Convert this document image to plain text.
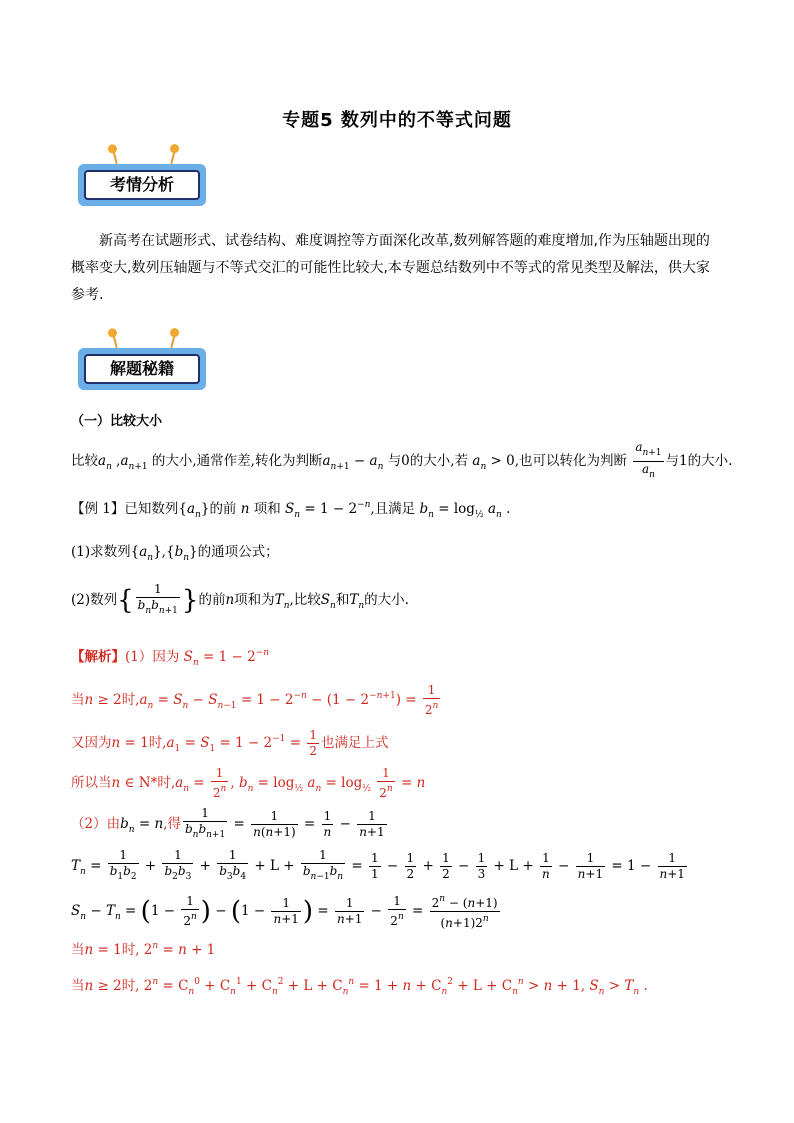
专题5 数列中的不等式问题
考情分析
新高考在试题形式、试卷结构、难度调控等方面深化改革,数列解答题的难度增加,作为压轴题出现的概率变大,数列压轴题与不等式交汇的可能性比较大,本专题总结数列中不等式的常见类型及解法，供大家参考.
解题秘籍
（一）比较大小
比较$a_n$ $,a_{n+1}$ 的大小,通常作差,转化为判断$a_{n+1} - a_n$ 与0的大小,若 $a_n > 0$,也可以转化为判断 $\frac{a_{n+1}}{a_n}$ 与1的大小.
【例 1】已知数列$\{a_n\}$的前 n 项和 $S_n = 1 - 2^{-n}$,且满足 $b_n = \log_{\frac{1}{2}} a_n$ .
(1)求数列$\{a_n\},\{b_n\}$的通项公式；
(2)数列{ $\frac{1}{b_nb_{n+1}}$ }的前n项和为$T_n$,比较$S_n$和$T_n$的大小.
【解析】(1）因为 $S_n = 1 - 2^{-n}$
当n ≥ 2时$,a_n = S_n - S_{n-1} = 1 - 2^{-n} - (1 - 2^{-n+1}) = \frac{1}{2^n}$
又因为n = 1时$,a_1 = S_1 = 1 - 2^{-1} = \frac{1}{2}$ 也满足上式
所以当n ∈ N*时$,a_n = \frac{1}{2^n}$ , $b_n = \log_{\frac{1}{2}} a_n = \log_{\frac{1}{2}} \frac{1}{2^n} = n$
（2）由$b_n = n$,得 $\frac{1}{b_nb_{n+1}} = \frac{1}{n(n+1)} = \frac{1}{n} - \frac{1}{n+1}$
$T_n = \frac{1}{b_1b_2} + \frac{1}{b_2b_3} + \frac{1}{b_3b_4} + L + \frac{1}{b_{n-1}b_n} = \frac{1}{1} - \frac{1}{2} + \frac{1}{2} - \frac{1}{3} + L + \frac{1}{n} - \frac{1}{n+1} = 1 - \frac{1}{n+1}$
$S_n - T_n = (1 - \frac{1}{2^n}$ ) − ($1 - \frac{1}{n+1}$ ) = $\frac{1}{n+1} - \frac{1}{2^n} = \frac{2^n - (n+1)}{(n+1)2^n}$
当n = 1时, $2^n = n + 1$
当n ≥ 2时, $2^n = C_n^0 + C_n^1 + C_n^2 + L + C_n^n = 1 + n + C_n^2 + L + C_n^n > n + 1$, $S_n > T_n$ .
